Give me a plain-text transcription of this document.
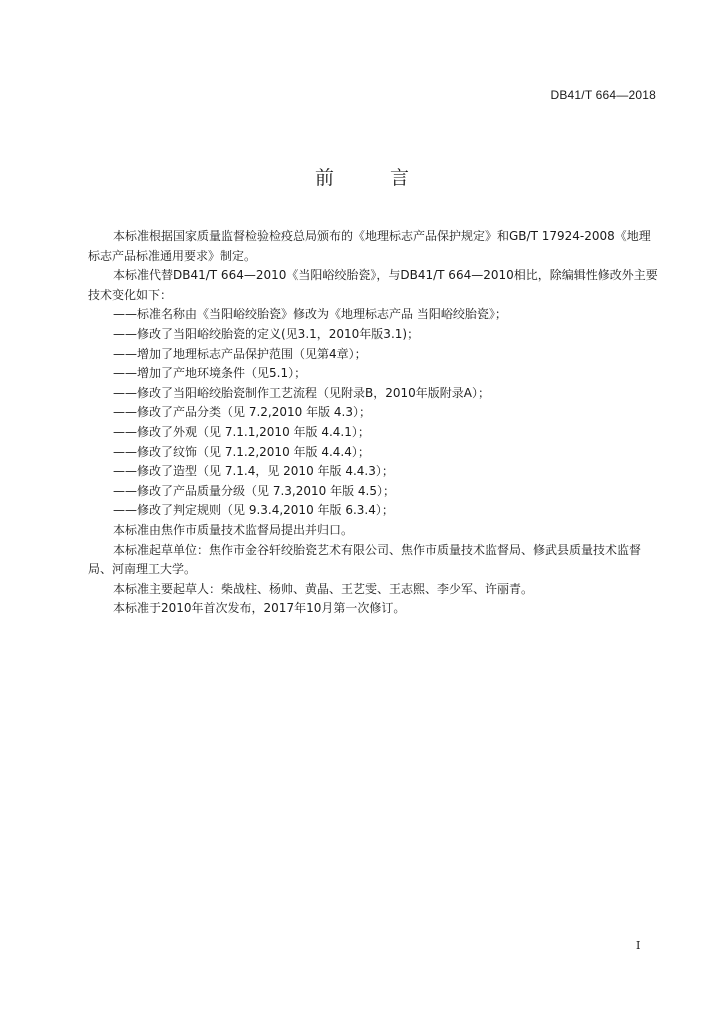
DB41/T 664—2018
前	言

本标准根据国家质量监督检验检疫总局颁布的《地理标志产品保护规定》和GB/T 17924-2008《地理标志产品标准通用要求》制定。

本标准代替DB41/T 664—2010《当阳峪绞胎瓷》，与DB41/T 664—2010相比，除编辑性修改外主要技术变化如下：

——标准名称由《当阳峪绞胎瓷》修改为《地理标志产品 当阳峪绞胎瓷》；

——修改了当阳峪绞胎瓷的定义(见3.1，2010年版3.1)；

——增加了地理标志产品保护范围（见第4章）；

——增加了产地环境条件（见5.1）；

——修改了当阳峪绞胎瓷制作工艺流程（见附录B，2010年版附录A）；

——修改了产品分类（见 7.2,2010 年版 4.3）；

——修改了外观（见 7.1.1,2010 年版 4.4.1）；

——修改了纹饰（见 7.1.2,2010 年版 4.4.4）；

——修改了造型（见 7.1.4，见 2010 年版 4.4.3）；

——修改了产品质量分级（见 7.3,2010 年版 4.5）；

——修改了判定规则（见 9.3.4,2010 年版 6.3.4）；

本标准由焦作市质量技术监督局提出并归口。

本标准起草单位：焦作市金谷轩绞胎瓷艺术有限公司、焦作市质量技术监督局、修武县质量技术监督局、河南理工大学。

本标准主要起草人：柴战柱、杨帅、黄晶、王艺雯、王志熙、李少军、许丽青。

本标准于2010年首次发布，2017年10月第一次修订。

I
